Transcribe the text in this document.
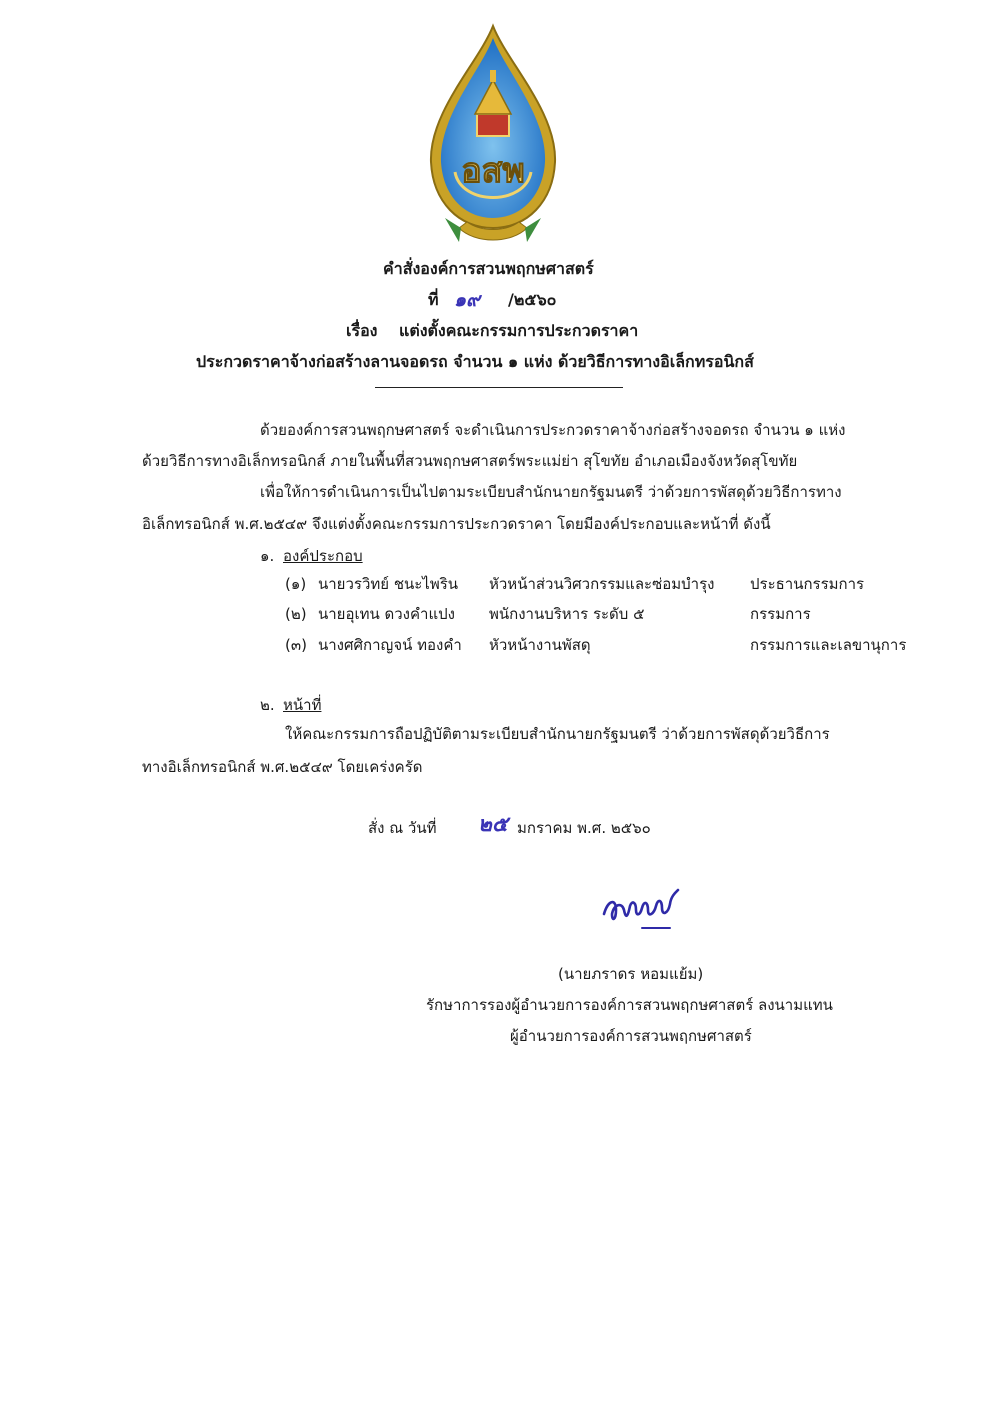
อสพ
คำสั่งองค์การสวนพฤกษศาสตร์
ที่ ๑๙ /๒๕๖๐
เรื่อง แต่งตั้งคณะกรรมการประกวดราคา
ประกวดราคาจ้างก่อสร้างลานจอดรถ จำนวน ๑ แห่ง ด้วยวิธีการทางอิเล็กทรอนิกส์
ด้วยองค์การสวนพฤกษศาสตร์ จะดำเนินการประกวดราคาจ้างก่อสร้างจอดรถ จำนวน ๑ แห่ง
ด้วยวิธีการทางอิเล็กทรอนิกส์ ภายในพื้นที่สวนพฤกษศาสตร์พระแม่ย่า สุโขทัย อำเภอเมืองจังหวัดสุโขทัย
เพื่อให้การดำเนินการเป็นไปตามระเบียบสำนักนายกรัฐมนตรี ว่าด้วยการพัสดุด้วยวิธีการทาง
อิเล็กทรอนิกส์ พ.ศ.๒๕๔๙ จึงแต่งตั้งคณะกรรมการประกวดราคา โดยมีองค์ประกอบและหน้าที่ ดังนี้
๑. องค์ประกอบ
(๑) นายวรวิทย์ ชนะไพริน หัวหน้าส่วนวิศวกรรมและซ่อมบำรุง ประธานกรรมการ
(๒) นายอุเทน ดวงคำแปง พนักงานบริหาร ระดับ ๕	กรรมการ
(๓) นางศศิกาญจน์ ทองคำ หัวหน้างานพัสดุ	กรรมการและเลขานุการ
๒. หน้าที่
ให้คณะกรรมการถือปฏิบัติตามระเบียบสำนักนายกรัฐมนตรี ว่าด้วยการพัสดุด้วยวิธีการ
ทางอิเล็กทรอนิกส์ พ.ศ.๒๕๔๙ โดยเคร่งครัด
สั่ง ณ วันที่ ๒๕ มกราคม พ.ศ. ๒๕๖๐
(นายภราดร หอมแย้ม)
รักษาการรองผู้อำนวยการองค์การสวนพฤกษศาสตร์ ลงนามแทน
ผู้อำนวยการองค์การสวนพฤกษศาสตร์
